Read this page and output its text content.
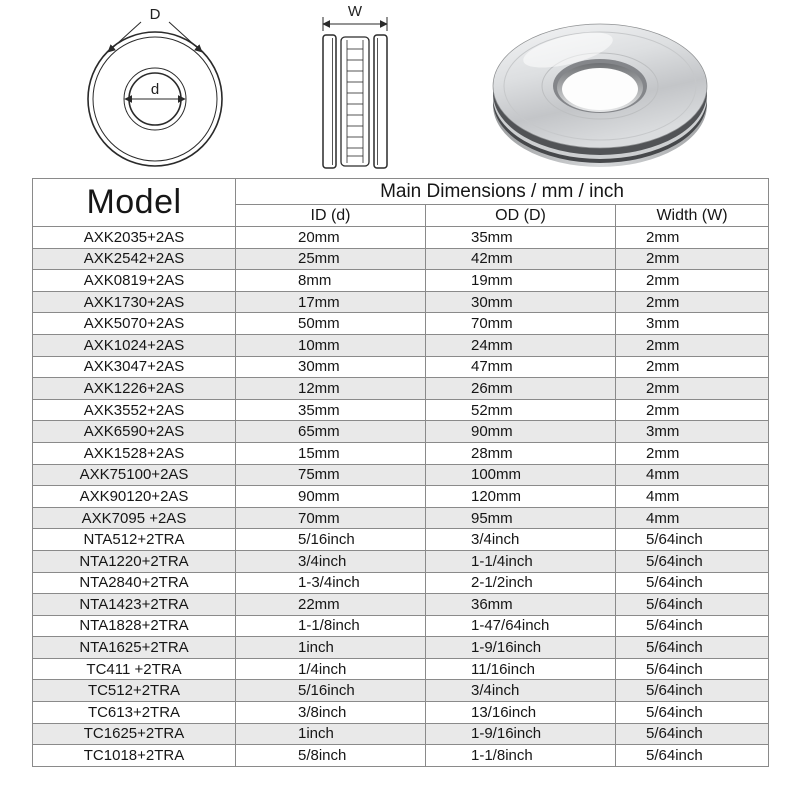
d
D	W
Model	Main Dimensions / mm / inch		
	ID (d)	OD (D)	Width (W)
AXK2035+2AS	20mm	35mm	2mm
AXK2542+2AS	25mm	42mm	2mm
AXK0819+2AS	8mm	19mm	2mm
AXK1730+2AS	17mm	30mm	2mm
AXK5070+2AS	50mm	70mm	3mm
AXK1024+2AS	10mm	24mm	2mm
AXK3047+2AS	30mm	47mm	2mm
AXK1226+2AS	12mm	26mm	2mm
AXK3552+2AS	35mm	52mm	2mm
AXK6590+2AS	65mm	90mm	3mm
AXK1528+2AS	15mm	28mm	2mm
AXK75100+2AS	75mm	100mm	4mm
AXK90120+2AS	90mm	120mm	4mm
AXK7095 +2AS	70mm	95mm	4mm
NTA512+2TRA	5/16inch	3/4inch	5/64inch
NTA1220+2TRA	3/4inch	1-1/4inch	5/64inch
NTA2840+2TRA	1-3/4inch	2-1/2inch	5/64inch
NTA1423+2TRA	22mm	36mm	5/64inch
NTA1828+2TRA	1-1/8inch	1-47/64inch	5/64inch
NTA1625+2TRA	1inch	1-9/16inch	5/64inch
TC411 +2TRA	1/4inch	11/16inch	5/64inch
TC512+2TRA	5/16inch	3/4inch	5/64inch
TC613+2TRA	3/8inch	13/16inch	5/64inch
TC1625+2TRA	1inch	1-9/16inch	5/64inch
TC1018+2TRA	5/8inch	1-1/8inch	5/64inch
